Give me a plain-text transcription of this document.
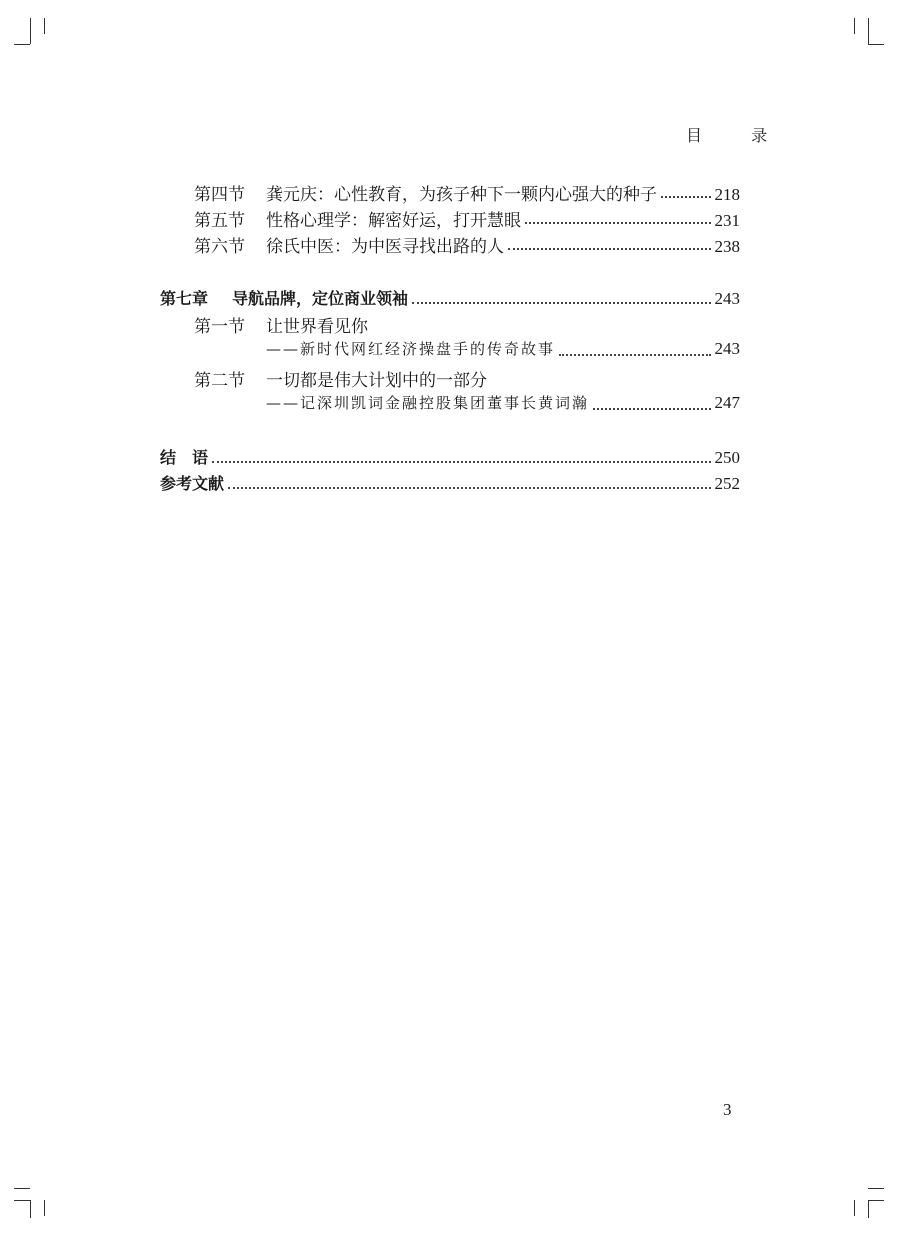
目 录
第四节 龚元庆：心性教育，为孩子种下一颗内心强大的种子	218
第五节 性格心理学：解密好运，打开慧眼	231
第六节 徐氏中医：为中医寻找出路的人	238
第七章 导航品牌，定位商业领袖	243
第一节 让世界看见你
——新时代网红经济操盘手的传奇故事	243
第二节 一切都是伟大计划中的一部分
——记深圳凯词金融控股集团董事长黄词瀚	247
结　语	250
参考文献	252
3
